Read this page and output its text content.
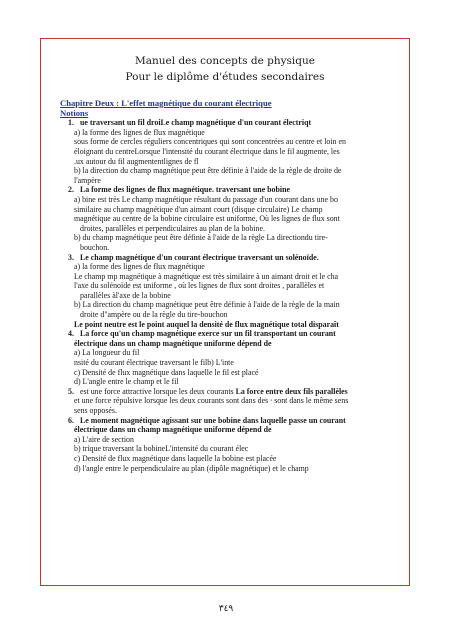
Manuel des concepts de physique
Pour le diplôme d'études secondaires
Chapitre Deux : L'effet magnétique du courant électrique
Notions
1. ue traversant un fil droiLe champ magnétique d'un courant électriqt
a) la forme des lignes de flux magnétique
sous forme de cercles réguliers concentriques qui sont concentrées au centre et loin en
éloignant du centreLorsque l'intensité du courant électrique dans le fil augmente, les
.ux autour du fil augmententlignes de fl
b) la direction du champ magnétique peut être définie à l'aide de la règle de droite de
l'ampère
2. La forme des lignes de flux magnétique. traversant une bobine
a) bine est très Le champ magnétique résultant du passage d'un courant dans une bo
similaire au champ magnétique d'un aimant court (disque circulaire) Le champ
magnétique au centre de la bobine circulaire est uniforme, Où les lignes de flux sont
droites, parallèles et perpendiculaires au plan de la bobine.
b) du champ magnétique peut être définie à l'aide de la règle La directiondu tire-
bouchon.
3. Le champ magnétique d'un courant électrique traversant un solénoïde.
a) la forme des lignes de flux magnétique
Le champ mp magnétique à magnétique est très similaire à un aimant droit et le cha
l'axe du solénoïde est uniforme , où les lignes de flux sont droites , parallèles et
parallèles àl'axe de la bobine
b) La direction du champ magnétique peut être définie à l'aide de la règle de la main
droite d"ampère ou de la règle du tire-bouchon
Le point neutre est le point auquel la densité de flux magnétique total disparaît
4. La force qu'un champ magnétique exerce sur un fil transportant un courant
électrique dans un champ magnétique uniforme dépend de
a) La longueur du fil
nsité du courant électrique traversant le filb) L'inte
c) Densité de flux magnétique dans laquelle le fil est placé
d) L'angle entre le champ et le fil
5. est une force attractive lorsque les deux courants La force entre deux fils parallèles
et une force répulsive lorsque les deux courants sont dans des ⸱ sont dans le même sens
sens opposés.
6. Le moment magnétique agissant sur une bobine dans laquelle passe un courant
électrique dans un champ magnétique uniforme dépend de
a) L'aire de section
b) trique traversant la bobineL'intensité du courant élec
c) Densité de flux magnétique dans laquelle la bobine est placée
d) l'angle entre le perpendiculaire au plan (dipôle magnétique) et le champ
٣٤٩
